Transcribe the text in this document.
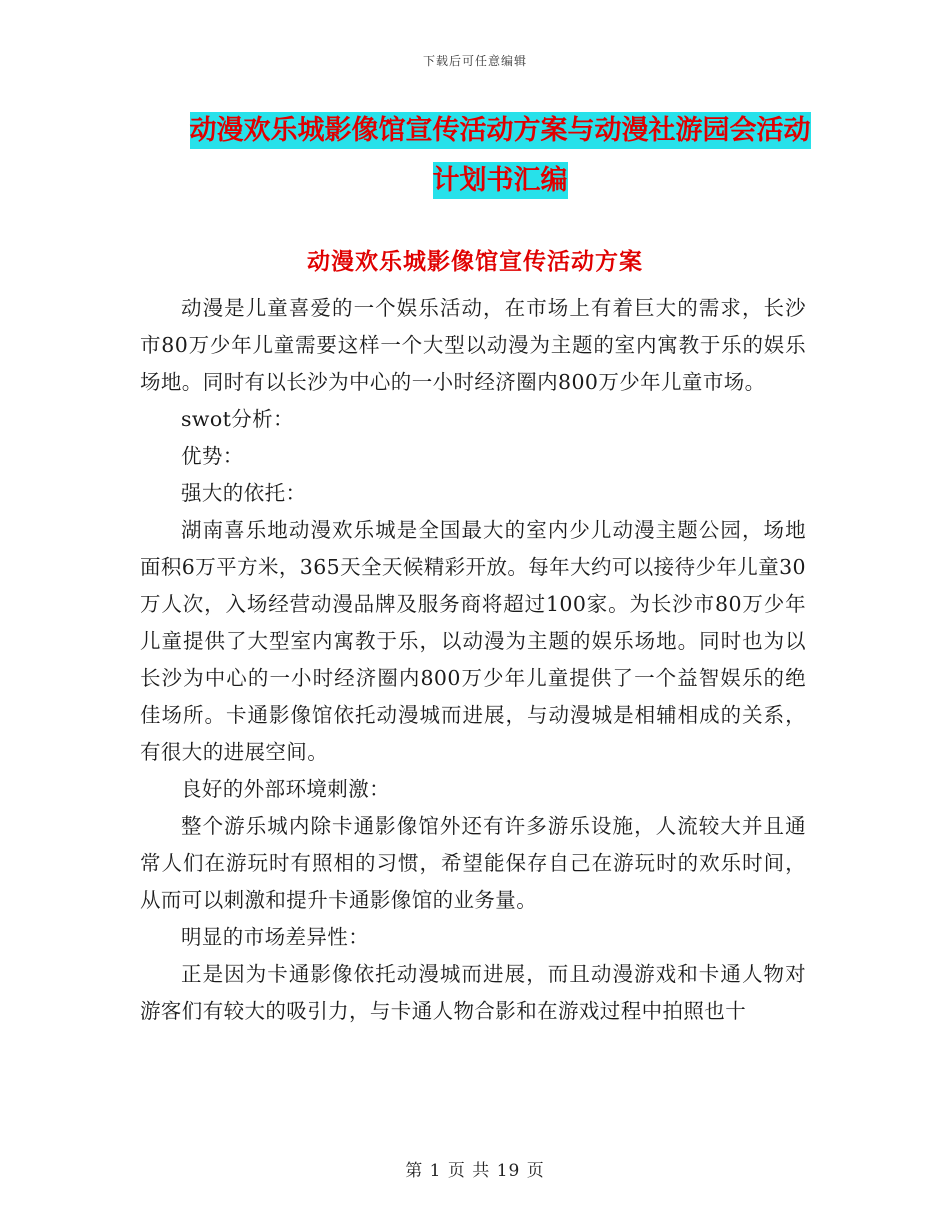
下载后可任意编辑
动漫欢乐城影像馆宣传活动方案与动漫社游园会活动
计划书汇编
动漫欢乐城影像馆宣传活动方案

动漫是儿童喜爱的一个娱乐活动，在市场上有着巨大的需求，长沙市80万少年儿童需要这样一个大型以动漫为主题的室内寓教于乐的娱乐场地。同时有以长沙为中心的一小时经济圈内800万少年儿童市场。

swot分析：

优势：

强大的依托：

湖南喜乐地动漫欢乐城是全国最大的室内少儿动漫主题公园，场地面积6万平方米，365天全天候精彩开放。每年大约可以接待少年儿童30万人次，入场经营动漫品牌及服务商将超过100家。为长沙市80万少年儿童提供了大型室内寓教于乐，以动漫为主题的娱乐场地。同时也为以长沙为中心的一小时经济圈内800万少年儿童提供了一个益智娱乐的绝佳场所。卡通影像馆依托动漫城而进展，与动漫城是相辅相成的关系，有很大的进展空间。

良好的外部环境刺激：

整个游乐城内除卡通影像馆外还有许多游乐设施，人流较大并且通常人们在游玩时有照相的习惯，希望能保存自己在游玩时的欢乐时间，从而可以刺激和提升卡通影像馆的业务量。

明显的市场差异性：

正是因为卡通影像依托动漫城而进展，而且动漫游戏和卡通人物对游客们有较大的吸引力，与卡通人物合影和在游戏过程中拍照也十

第 1 页 共 19 页
